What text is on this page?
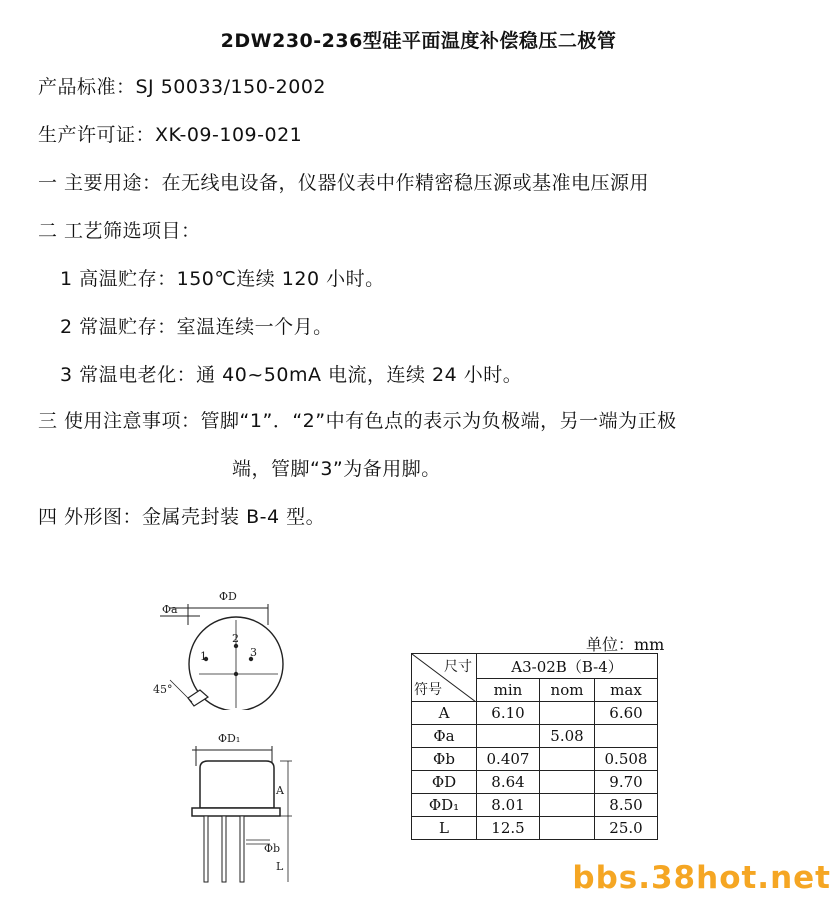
2DW230-236型硅平面温度补偿稳压二极管
产品标准：SJ 50033/150-2002
生产许可证：XK-09-109-021
一 主要用途：在无线电设备，仪器仪表中作精密稳压源或基准电压源用
二 工艺筛选项目：
1 高温贮存：150℃连续 120 小时。
2 常温贮存：室温连续一个月。
3 常温电老化：通 40~50mA 电流，连续 24 小时。
三 使用注意事项：管脚“1”．“2”中有色点的表示为负极端，另一端为正极
端，管脚“3”为备用脚。
四 外形图：金属壳封装 B-4 型。
Φa
ΦD
1
2
3
45°
ΦD₁
A
Φb
L
单位：mm
尺寸
符号	A3-02B（B-4）		
	min	nom	max
A	6.10		6.60
Φa		5.08	
Φb	0.407		0.508
ΦD	8.64		9.70
ΦD₁	8.01		8.50
L	12.5		25.0
bbs.38hot.net
